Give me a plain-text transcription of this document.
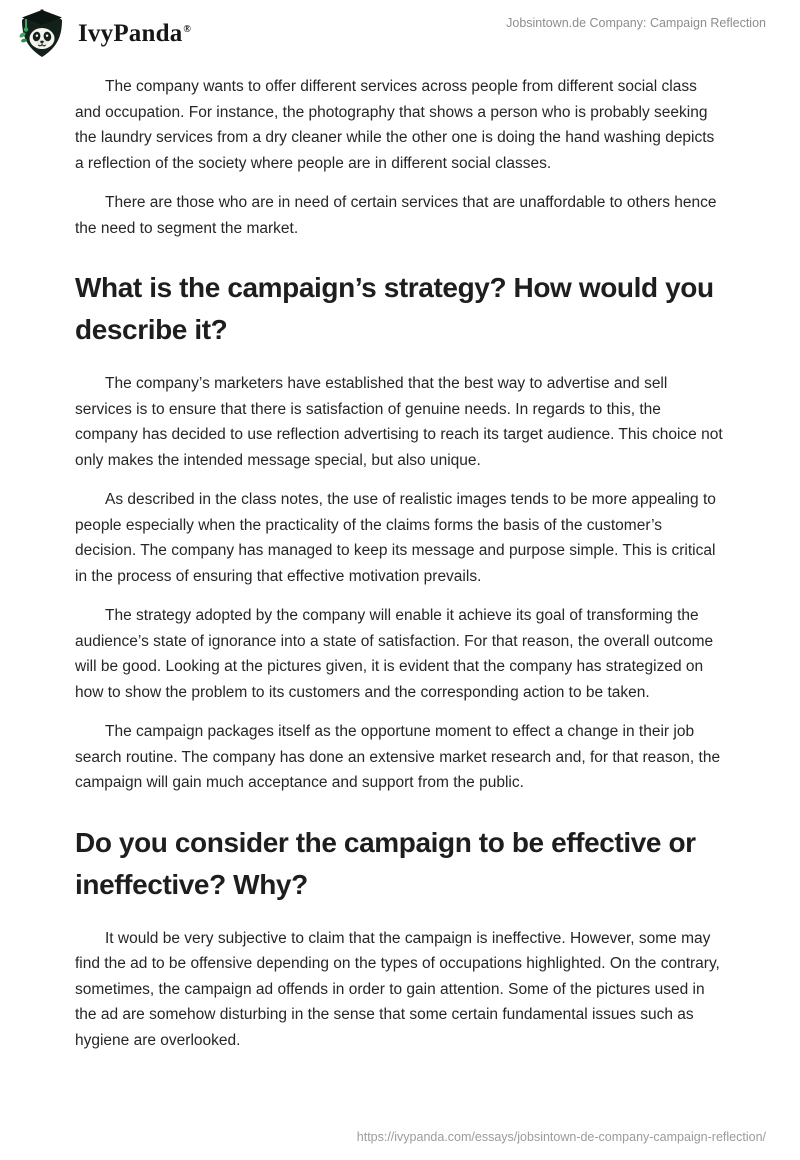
IvyPanda®	Jobsintown.de Company: Campaign Reflection

The company wants to offer different services across people from different social class and occupation. For instance, the photography that shows a person who is probably seeking the laundry services from a dry cleaner while the other one is doing the hand washing depicts a reflection of the society where people are in different social classes.

There are those who are in need of certain services that are unaffordable to others hence the need to segment the market.

What is the campaign’s strategy? How would you describe it?

The company’s marketers have established that the best way to advertise and sell services is to ensure that there is satisfaction of genuine needs. In regards to this, the company has decided to use reflection advertising to reach its target audience. This choice not only makes the intended message special, but also unique.

As described in the class notes, the use of realistic images tends to be more appealing to people especially when the practicality of the claims forms the basis of the customer’s decision. The company has managed to keep its message and purpose simple. This is critical in the process of ensuring that effective motivation prevails.

The strategy adopted by the company will enable it achieve its goal of transforming the audience’s state of ignorance into a state of satisfaction. For that reason, the overall outcome will be good. Looking at the pictures given, it is evident that the company has strategized on how to show the problem to its customers and the corresponding action to be taken.

The campaign packages itself as the opportune moment to effect a change in their job search routine. The company has done an extensive market research and, for that reason, the campaign will gain much acceptance and support from the public.

Do you consider the campaign to be effective or ineffective? Why?

It would be very subjective to claim that the campaign is ineffective. However, some may find the ad to be offensive depending on the types of occupations highlighted. On the contrary, sometimes, the campaign ad offends in order to gain attention. Some of the pictures used in the ad are somehow disturbing in the sense that some certain fundamental issues such as hygiene are overlooked.

https://ivypanda.com/essays/jobsintown-de-company-campaign-reflection/
